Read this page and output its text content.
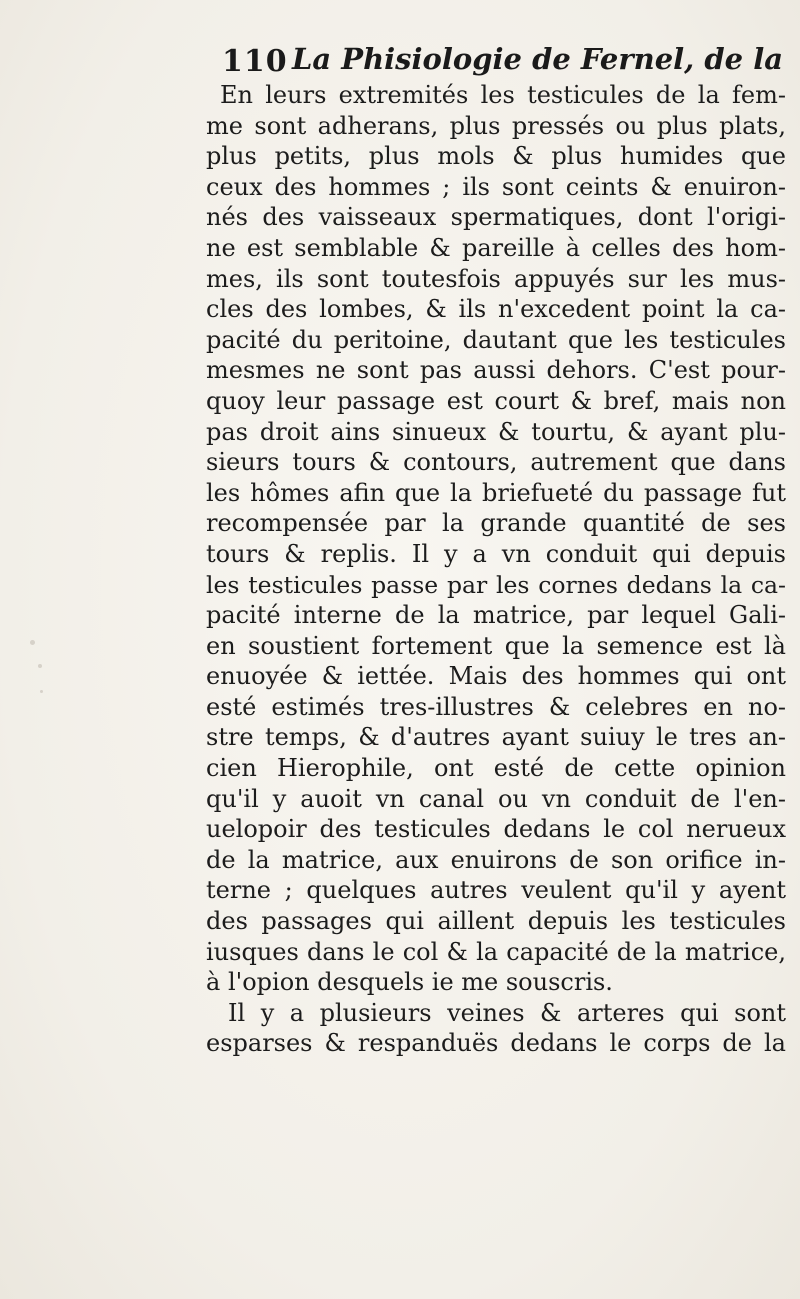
110 La Phisiologie de Fernel, de la
En leurs extremités les testicules de la fem-
me sont adherans, plus pressés ou plus plats,
plus petits, plus mols & plus humides que
ceux des hommes ; ils sont ceints & enuiron-
nés des vaisseaux spermatiques, dont l'origi-
ne est semblable & pareille à celles des hom-
mes, ils sont toutesfois appuyés sur les mus-
cles des lombes, & ils n'excedent point la ca-
pacité du peritoine, dautant que les testicules
mesmes ne sont pas aussi dehors. C'est pour-
quoy leur passage est court & bref, mais non
pas droit ains sinueux & tourtu, & ayant plu-
sieurs tours & contours, autrement que dans
les hômes afin que la briefueté du passage fut
recompensée par la grande quantité de ses
tours & replis. Il y a vn conduit qui depuis
les testicules passe par les cornes dedans la ca-
pacité interne de la matrice, par lequel Gali-
en soustient fortement que la semence est là
enuoyée & iettée. Mais des hommes qui ont
esté estimés tres-illustres & celebres en no-
stre temps, & d'autres ayant suiuy le tres an-
cien Hierophile, ont esté de cette opinion
qu'il y auoit vn canal ou vn conduit de l'en-
uelopoir des testicules dedans le col nerueux
de la matrice, aux enuirons de son orifice in-
terne ; quelques autres veulent qu'il y ayent
des passages qui aillent depuis les testicules
iusques dans le col & la capacité de la matrice,
à l'opion desquels ie me souscris.
Il y a plusieurs veines & arteres qui sont
esparses & respanduës dedans le corps de la
